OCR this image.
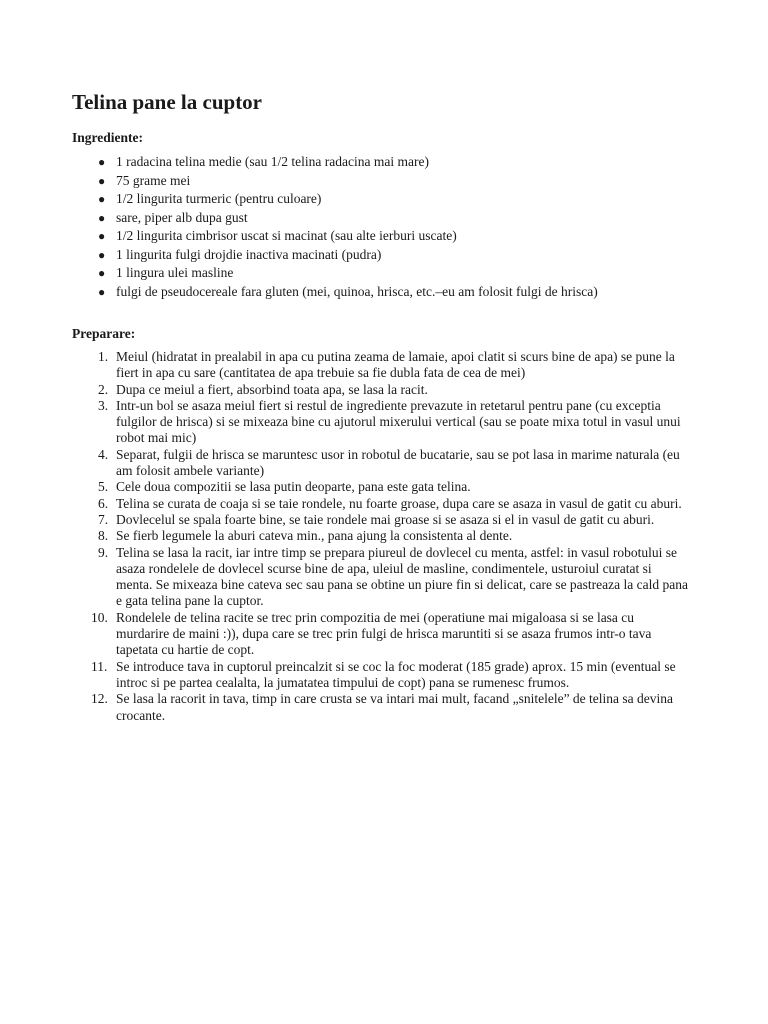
Telina pane la cuptor
Ingrediente:
● 1 radacina telina medie (sau 1/2 telina radacina mai mare)
● 75 grame mei
● 1/2 lingurita turmeric (pentru culoare)
● sare, piper alb dupa gust
● 1/2 lingurita cimbrisor uscat si macinat (sau alte ierburi uscate)
● 1 lingurita fulgi drojdie inactiva macinati (pudra)
● 1 lingura ulei masline
● fulgi de pseudocereale fara gluten (mei, quinoa, hrisca, etc.–eu am folosit fulgi de hrisca)
Preparare:
1. Meiul (hidratat in prealabil in apa cu putina zeama de lamaie, apoi clatit si scurs bine de apa) se pune la fiert in apa cu sare (cantitatea de apa trebuie sa fie dubla fata de cea de mei)
2. Dupa ce meiul a fiert, absorbind toata apa, se lasa la racit.
3. Intr-un bol se asaza meiul fiert si restul de ingrediente prevazute in retetarul pentru pane (cu exceptia fulgilor de hrisca) si se mixeaza bine cu ajutorul mixerului vertical (sau se poate mixa totul in vasul unui robot mai mic)
4. Separat, fulgii de hrisca se maruntesc usor in robotul de bucatarie, sau se pot lasa in marime naturala (eu am folosit ambele variante)
5. Cele doua compozitii se lasa putin deoparte, pana este gata telina.
6. Telina se curata de coaja si se taie rondele, nu foarte groase, dupa care se asaza in vasul de gatit cu aburi.
7. Dovlecelul se spala foarte bine, se taie rondele mai groase si se asaza si el in vasul de gatit cu aburi.
8. Se fierb legumele la aburi cateva min., pana ajung la consistenta al dente.
9. Telina se lasa la racit, iar intre timp se prepara piureul de dovlecel cu menta, astfel: in vasul robotului se asaza rondelele de dovlecel scurse bine de apa, uleiul de masline, condimentele, usturoiul curatat si menta. Se mixeaza bine cateva sec sau pana se obtine un piure fin si delicat, care se pastreaza la cald pana e gata telina pane la cuptor.
10. Rondelele de telina racite se trec prin compozitia de mei (operatiune mai migaloasa si se lasa cu murdarire de maini :)), dupa care se trec prin fulgi de hrisca maruntiti si se asaza frumos intr-o tava tapetata cu hartie de copt.
11. Se introduce tava in cuptorul preincalzit si se coc la foc moderat (185 grade) aprox. 15 min (eventual se introc si pe partea cealalta, la jumatatea timpului de copt) pana se rumenesc frumos.
12. Se lasa la racorit in tava, timp in care crusta se va intari mai mult, facand „snitelele” de telina sa devina crocante.
